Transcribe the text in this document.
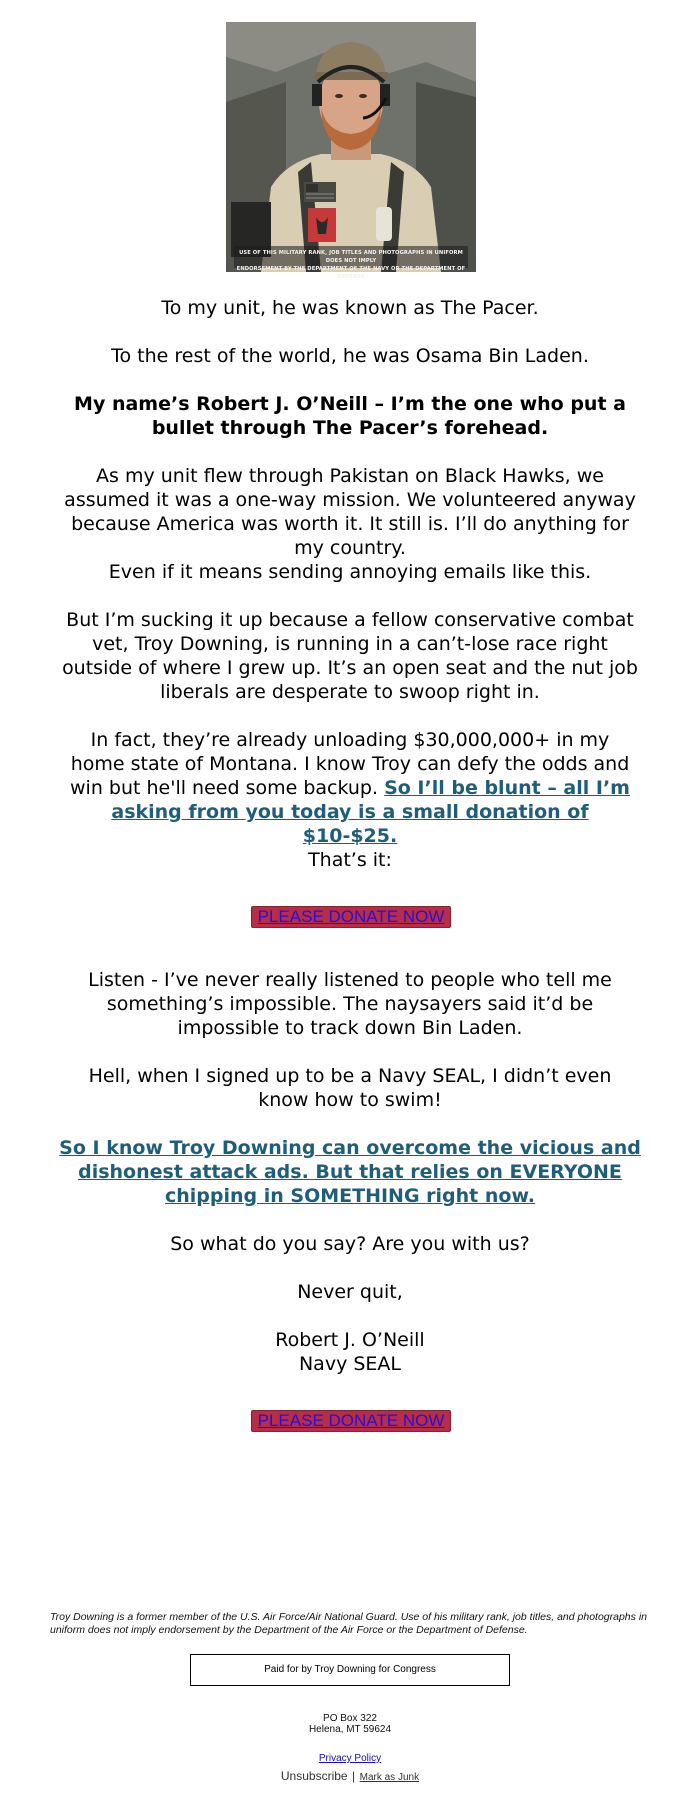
USE OF THIS MILITARY RANK, JOB TITLES AND PHOTOGRAPHS IN UNIFORM DOES NOT IMPLY
ENDORSEMENT BY THE DEPARTMENT OF THE NAVY OR THE DEPARTMENT OF DEFENSE

To my unit, he was known as The Pacer.

To the rest of the world, he was Osama Bin Laden.

My name’s Robert J. O’Neill – I’m the one who put a bullet through The Pacer’s forehead.

As my unit flew through Pakistan on Black Hawks, we assumed it was a one-way mission. We volunteered anyway because America was worth it. It still is. I’ll do anything for my country.

Even if it means sending annoying emails like this.

But I’m sucking it up because a fellow conservative combat vet, Troy Downing, is running in a can’t-lose race right outside of where I grew up. It’s an open seat and the nut job liberals are desperate to swoop right in.

In fact, they’re already unloading $30,000,000+ in my home state of Montana. I know Troy can defy the odds and win but he'll need some backup. So I’ll be blunt – all I’m asking from you today is a small donation of $10-$25.

That’s it:

PLEASE DONATE NOW

Listen - I’ve never really listened to people who tell me something’s impossible. The naysayers said it’d be impossible to track down Bin Laden.

Hell, when I signed up to be a Navy SEAL, I didn’t even know how to swim!

So I know Troy Downing can overcome the vicious and dishonest attack ads. But that relies on EVERYONE chipping in SOMETHING right now.

So what do you say? Are you with us?

Never quit,

Robert J. O’Neill

Navy SEAL

PLEASE DONATE NOW

Troy Downing is a former member of the U.S. Air Force/Air National Guard. Use of his military rank, job titles, and photographs in uniform does not imply endorsement by the Department of the Air Force or the Department of Defense.

Paid for by Troy Downing for Congress
PO Box 322
Helena, MT 59624
Privacy Policy
Unsubscribe | Mark as Junk
